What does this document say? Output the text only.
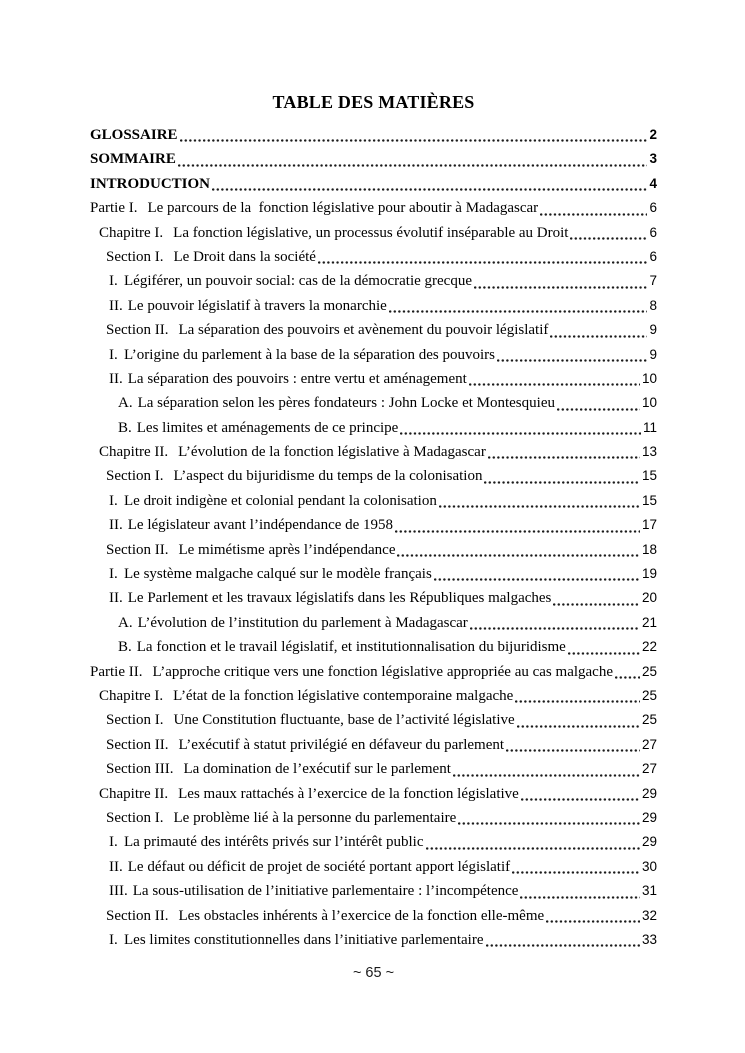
TABLE DES MATIÈRES
GLOSSAIRE	2
SOMMAIRE	3
INTRODUCTION	4
Partie I. Le parcours de la  fonction législative pour aboutir à Madagascar	6
Chapitre I. La fonction législative, un processus évolutif inséparable au Droit	6
Section I. Le Droit dans la société	6
I. Légiférer, un pouvoir social: cas de la démocratie grecque	7
II. Le pouvoir législatif à travers la monarchie	8
Section II. La séparation des pouvoirs et avènement du pouvoir législatif	9
I. L’origine du parlement à la base de la séparation des pouvoirs	9
II. La séparation des pouvoirs : entre vertu et aménagement	10
A. La séparation selon les pères fondateurs : John Locke et Montesquieu	10
B. Les limites et aménagements de ce principe	11
Chapitre II. L’évolution de la fonction législative à Madagascar	13
Section I. L’aspect du bijuridisme du temps de la colonisation	15
I. Le droit indigène et colonial pendant la colonisation	15
II. Le législateur avant l’indépendance de 1958	17
Section II. Le mimétisme après l’indépendance	18
I. Le système malgache calqué sur le modèle français	19
II. Le Parlement et les travaux législatifs dans les Républiques malgaches	20
A. L’évolution de l’institution du parlement à Madagascar	21
B. La fonction et le travail législatif, et institutionnalisation du bijuridisme	22
Partie II. L’approche critique vers une fonction législative appropriée au cas malgache 25
Chapitre I. L’état de la fonction législative contemporaine malgache	25
Section I. Une Constitution fluctuante, base de l’activité législative	25
Section II. L’exécutif à statut privilégié en défaveur du parlement	27
Section III. La domination de l’exécutif sur le parlement	27
Chapitre II. Les maux rattachés à l’exercice de la fonction législative	29
Section I. Le problème lié à la personne du parlementaire	29
I. La primauté des intérêts privés sur l’intérêt public	29
II. Le défaut ou déficit de projet de société portant apport législatif	30
III. La sous-utilisation de l’initiative parlementaire : l’incompétence	31
Section II. Les obstacles inhérents à l’exercice de la fonction elle-même	32
I. Les limites constitutionnelles dans l’initiative parlementaire	33
~ 65 ~
